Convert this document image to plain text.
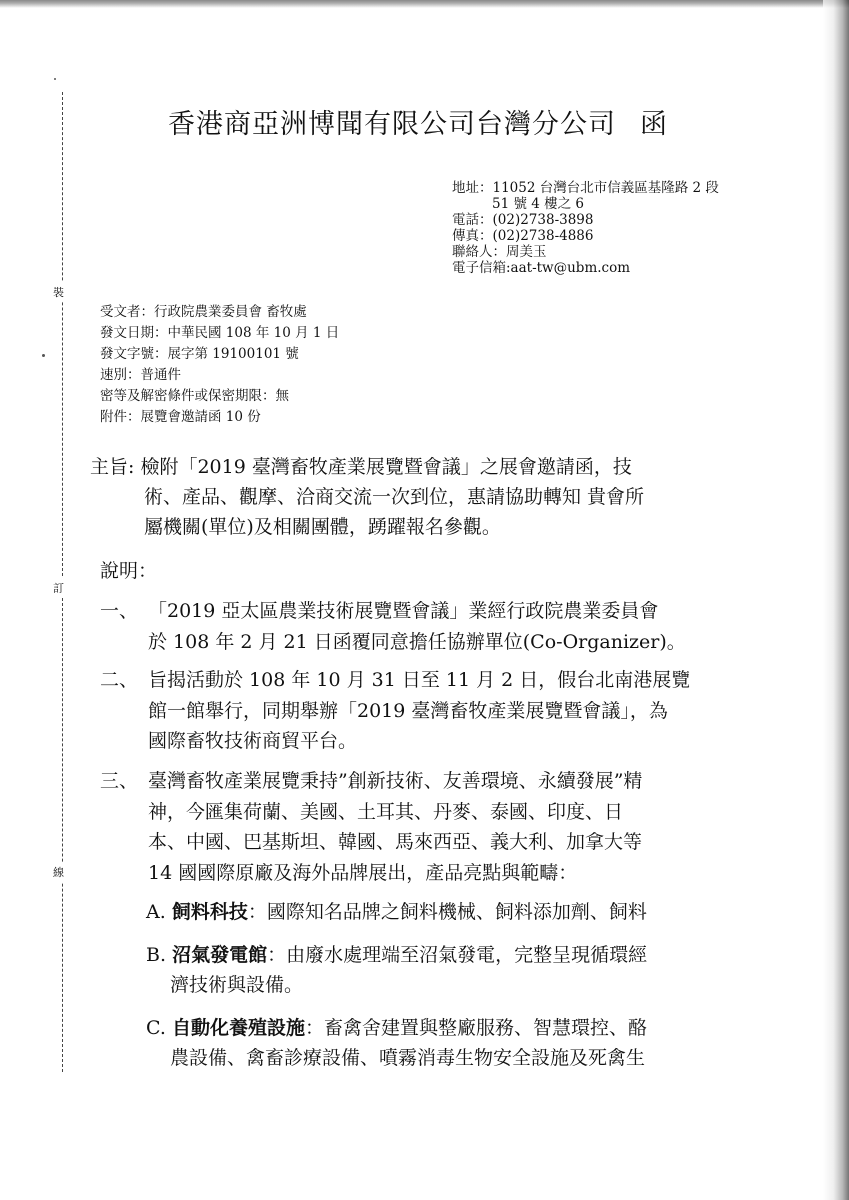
裝
訂
線
香港商亞洲博聞有限公司台灣分公司 函
地址：11052 台灣台北市信義區基隆路 2 段
51 號 4 樓之 6
電話：(02)2738-3898
傳真：(02)2738-4886
聯絡人：周美玉
電子信箱:aat-tw@ubm.com
受文者：行政院農業委員會 畜牧處
發文日期：中華民國 108 年 10 月 1 日
發文字號：展字第 19100101 號
速別：普通件
密等及解密條件或保密期限：無
附件：展覽會邀請函 10 份
主旨: 檢附「2019 臺灣畜牧產業展覽暨會議」之展會邀請函，技
術、產品、觀摩、洽商交流一次到位，惠請協助轉知 貴會所
屬機關(單位)及相關團體，踴躍報名參觀。
說明：
一、 「2019 亞太區農業技術展覽暨會議」業經行政院農業委員會
於 108 年 2 月 21 日函覆同意擔任協辦單位(Co-Organizer)。
二、 旨揭活動於 108 年 10 月 31 日至 11 月 2 日，假台北南港展覽
館一館舉行，同期舉辦「2019 臺灣畜牧產業展覽暨會議」，為
國際畜牧技術商貿平台。
三、 臺灣畜牧產業展覽秉持”創新技術、友善環境、永續發展”精
神，今匯集荷蘭、美國、土耳其、丹麥、泰國、印度、日
本、中國、巴基斯坦、韓國、馬來西亞、義大利、加拿大等
14 國國際原廠及海外品牌展出，產品亮點與範疇：
A. 飼料科技：國際知名品牌之飼料機械、飼料添加劑、飼料
B. 沼氣發電館：由廢水處理端至沼氣發電，完整呈現循環經
濟技術與設備。
C. 自動化養殖設施：畜禽舍建置與整廠服務、智慧環控、酪
農設備、禽畜診療設備、噴霧消毒生物安全設施及死禽生
